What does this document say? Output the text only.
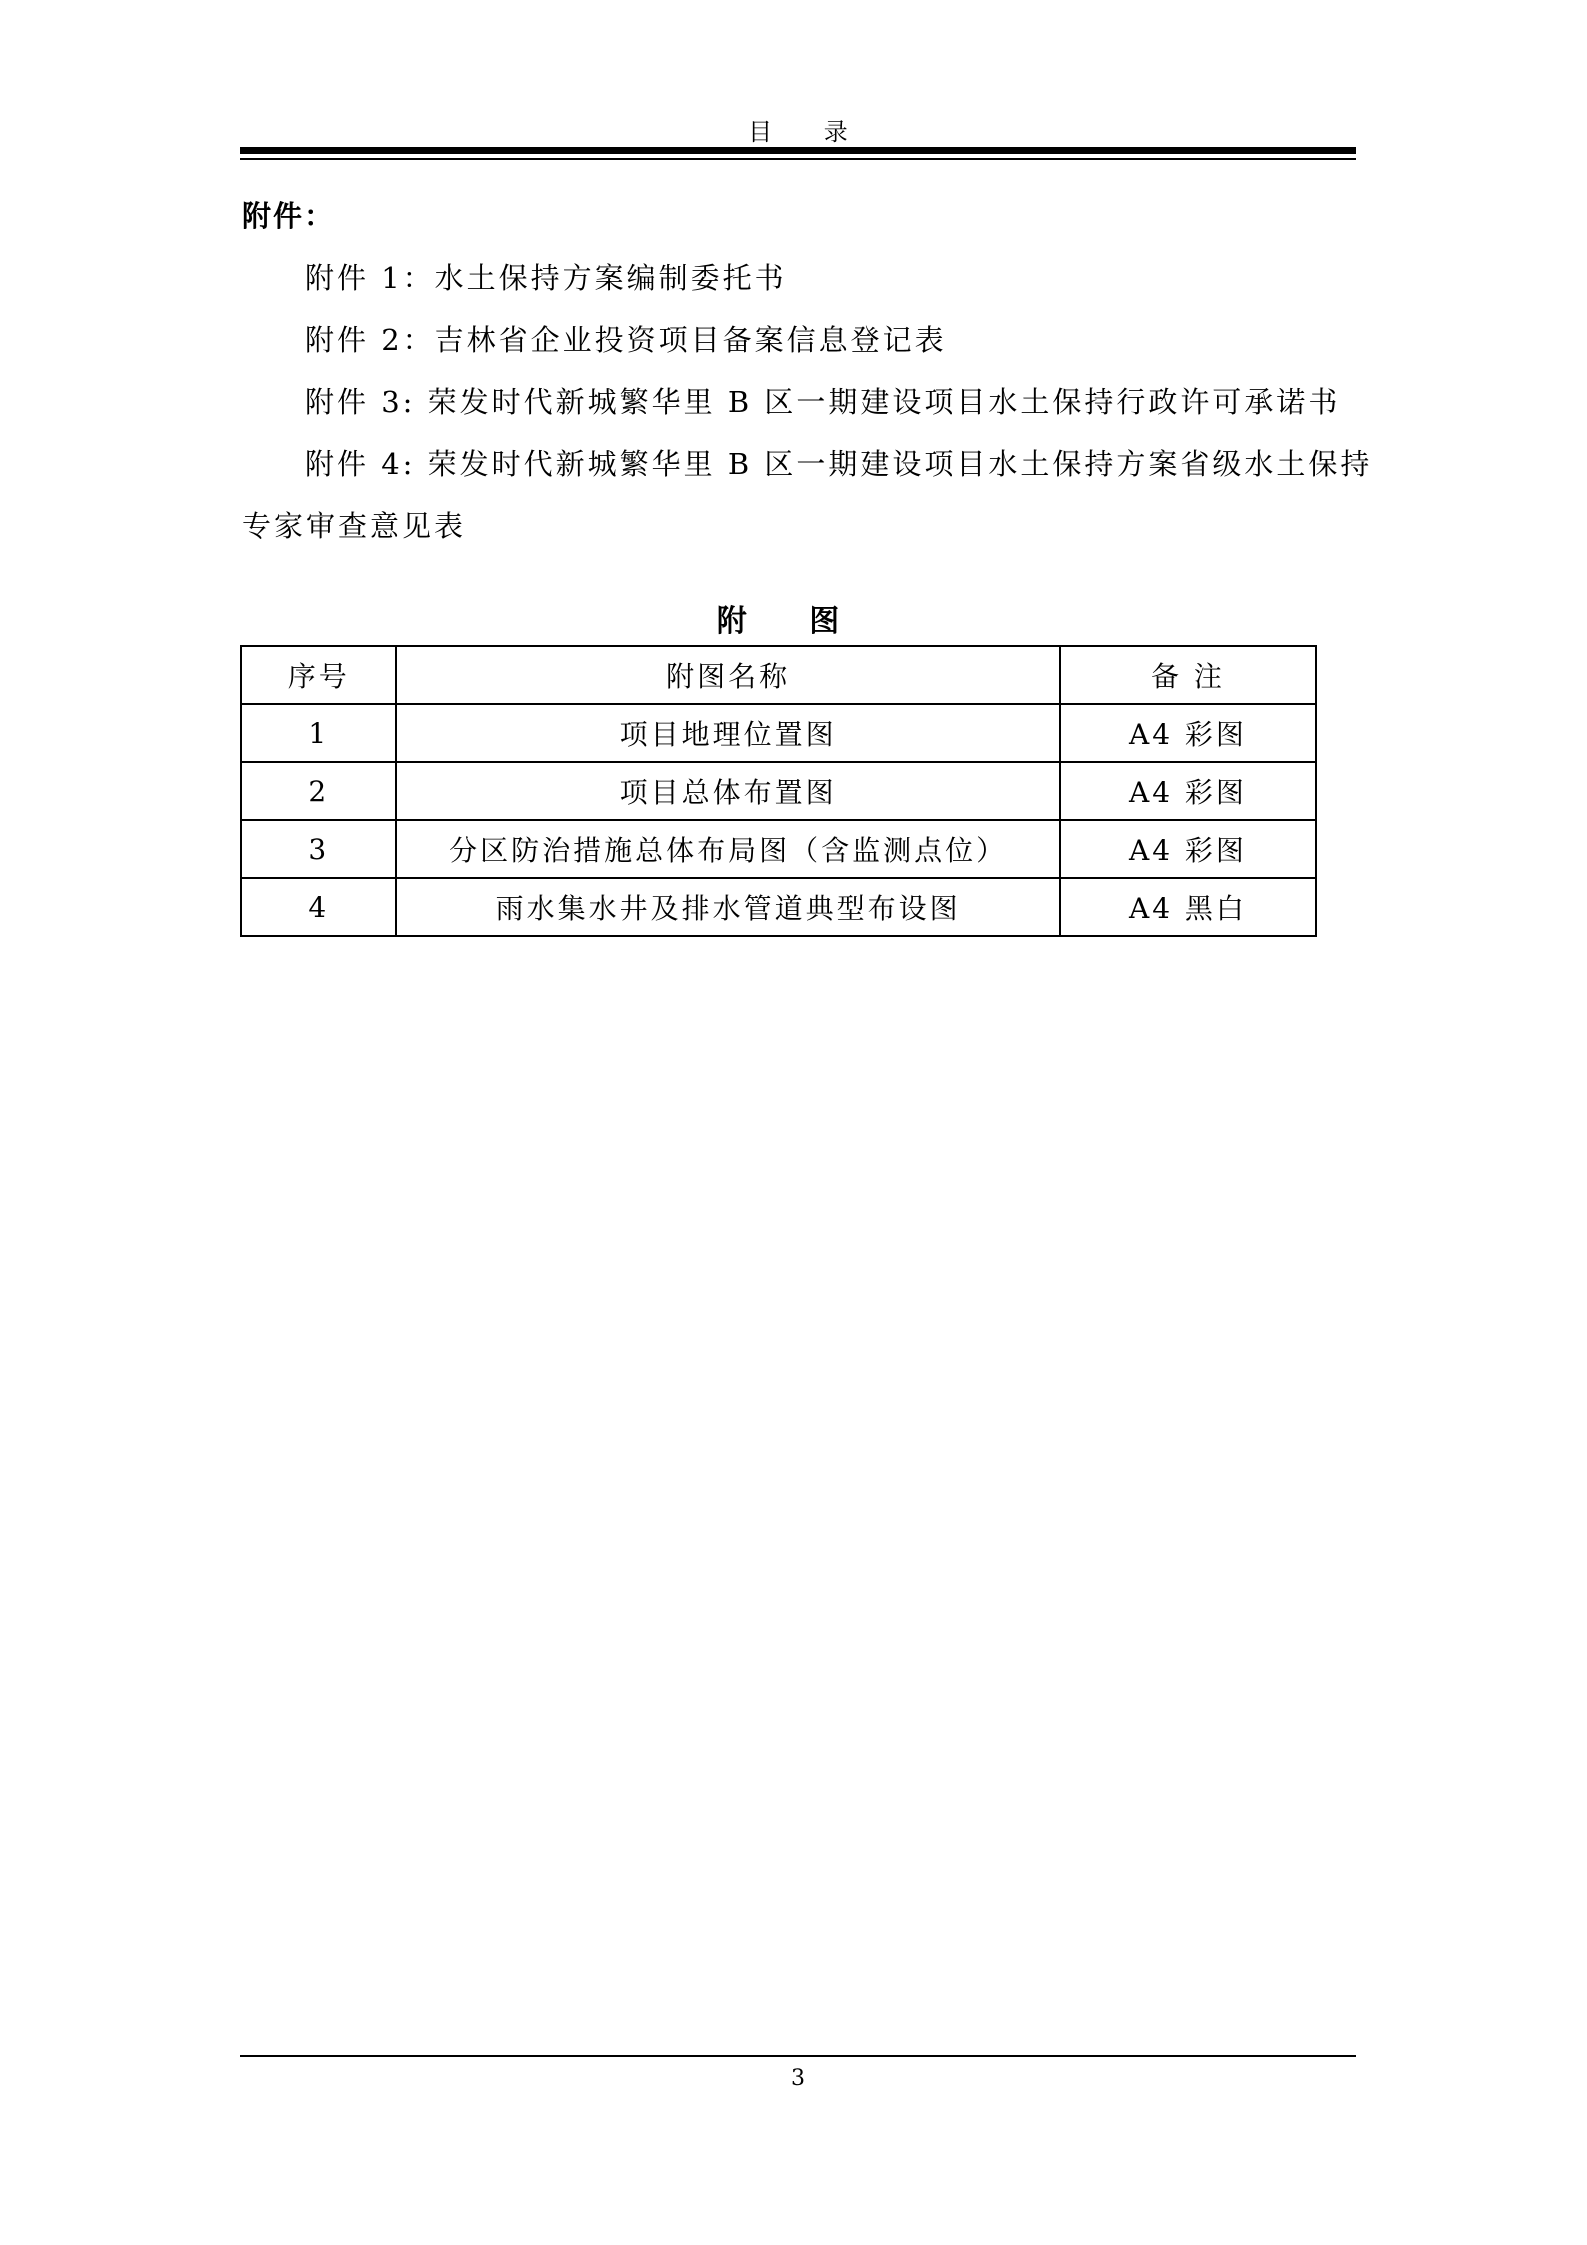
目 录
附件：
附件 1：水土保持方案编制委托书
附件 2：吉林省企业投资项目备案信息登记表
附件 3: 荣发时代新城繁华里 B 区一期建设项目水土保持行政许可承诺书
附件 4: 荣发时代新城繁华里 B 区一期建设项目水土保持方案省级水土保持
专家审查意见表
附 图
序号	附图名称	备 注
1	项目地理位置图	A4 彩图
2	项目总体布置图	A4 彩图
3	分区防治措施总体布局图（含监测点位）	A4 彩图
4	雨水集水井及排水管道典型布设图	A4 黑白
3
